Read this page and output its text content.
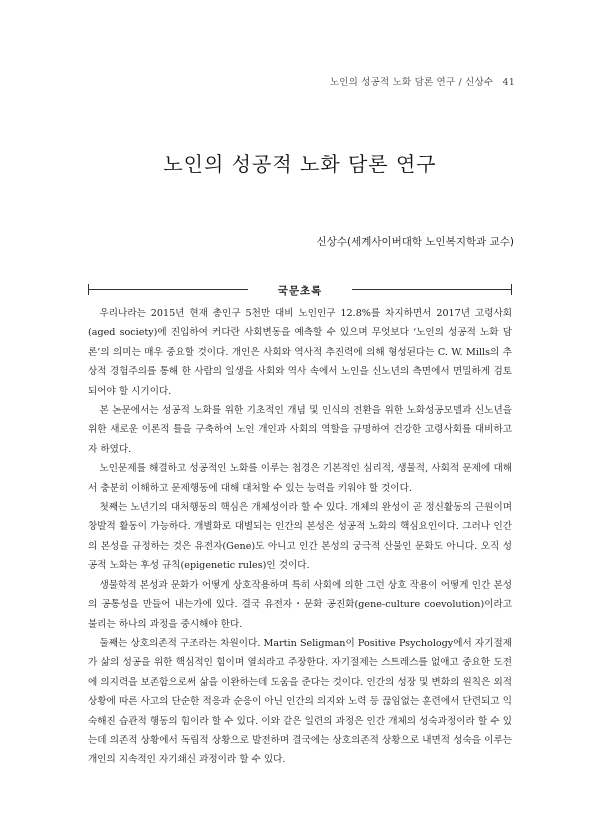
노인의 성공적 노화 담론 연구 / 신상수 41
노인의 성공적 노화 담론 연구
신상수(세계사이버대학 노인복지학과 교수)
국문초록

우리나라는 2015년 현재 총인구 5천만 대비 노인인구 12.8%를 차지하면서 2017년 고령사회(aged society)에 진입하여 커다란 사회변동을 예측할 수 있으며 무엇보다 ‘노인의 성공적 노화 담론’의 의미는 매우 중요할 것이다. 개인은 사회와 역사적 추진력에 의해 형성된다는 C. W. Mills의 추상적 경험주의를 통해 한 사람의 일생을 사회와 역사 속에서 노인을 신노년의 측면에서 면밀하게 검토되어야 할 시기이다.

본 논문에서는 성공적 노화를 위한 기초적인 개념 및 인식의 전환을 위한 노화성공모델과 신노년을 위한 새로운 이론적 틀을 구축하여 노인 개인과 사회의 역할을 규명하여 건강한 고령사회를 대비하고자 하였다.

노인문제를 해결하고 성공적인 노화를 이루는 첩경은 기본적인 심리적, 생물적, 사회적 문제에 대해서 충분히 이해하고 문제행동에 대해 대처할 수 있는 능력을 키워야 할 것이다.

첫째는 노년기의 대처행동의 핵심은 개체성이라 할 수 있다. 개체의 완성이 곧 정신활동의 근원이며 창발적 활동이 가능하다. 개별화로 대별되는 인간의 본성은 성공적 노화의 핵심요인이다. 그러나 인간의 본성을 규정하는 것은 유전자(Gene)도 아니고 인간 본성의 궁극적 산물인 문화도 아니다. 오직 성공적 노화는 후성 규칙(epigenetic rules)인 것이다.

생물학적 본성과 문화가 어떻게 상호작용하며 특히 사회에 의한 그런 상호 작용이 어떻게 인간 본성의 공통성을 만들어 내는가에 있다. 결국 유전자・문화 공진화(gene-culture coevolution)이라고 불리는 하나의 과정을 중시해야 한다.

둘째는 상호의존적 구조라는 차원이다. Martin Seligman이 Positive Psychology에서 자기절제가 삶의 성공을 위한 핵심적인 힘이며 열쇠라고 주장한다. 자기절제는 스트레스를 없애고 중요한 도전에 의지력을 보존함으로써 삶을 이완하는데 도움을 준다는 것이다. 인간의 성장 및 변화의 원칙은 외적 상황에 따른 사고의 단순한 적응과 순응이 아닌 인간의 의지와 노력 등 끊임없는 훈련에서 단련되고 익숙해진 습관적 행동의 힘이라 할 수 있다. 이와 같은 일련의 과정은 인간 개체의 성숙과정이라 할 수 있는데 의존적 상황에서 독립적 상황으로 발전하며 결국에는 상호의존적 상황으로 내면적 성숙을 이루는 개인의 지속적인 자기쇄신 과정이라 할 수 있다.
